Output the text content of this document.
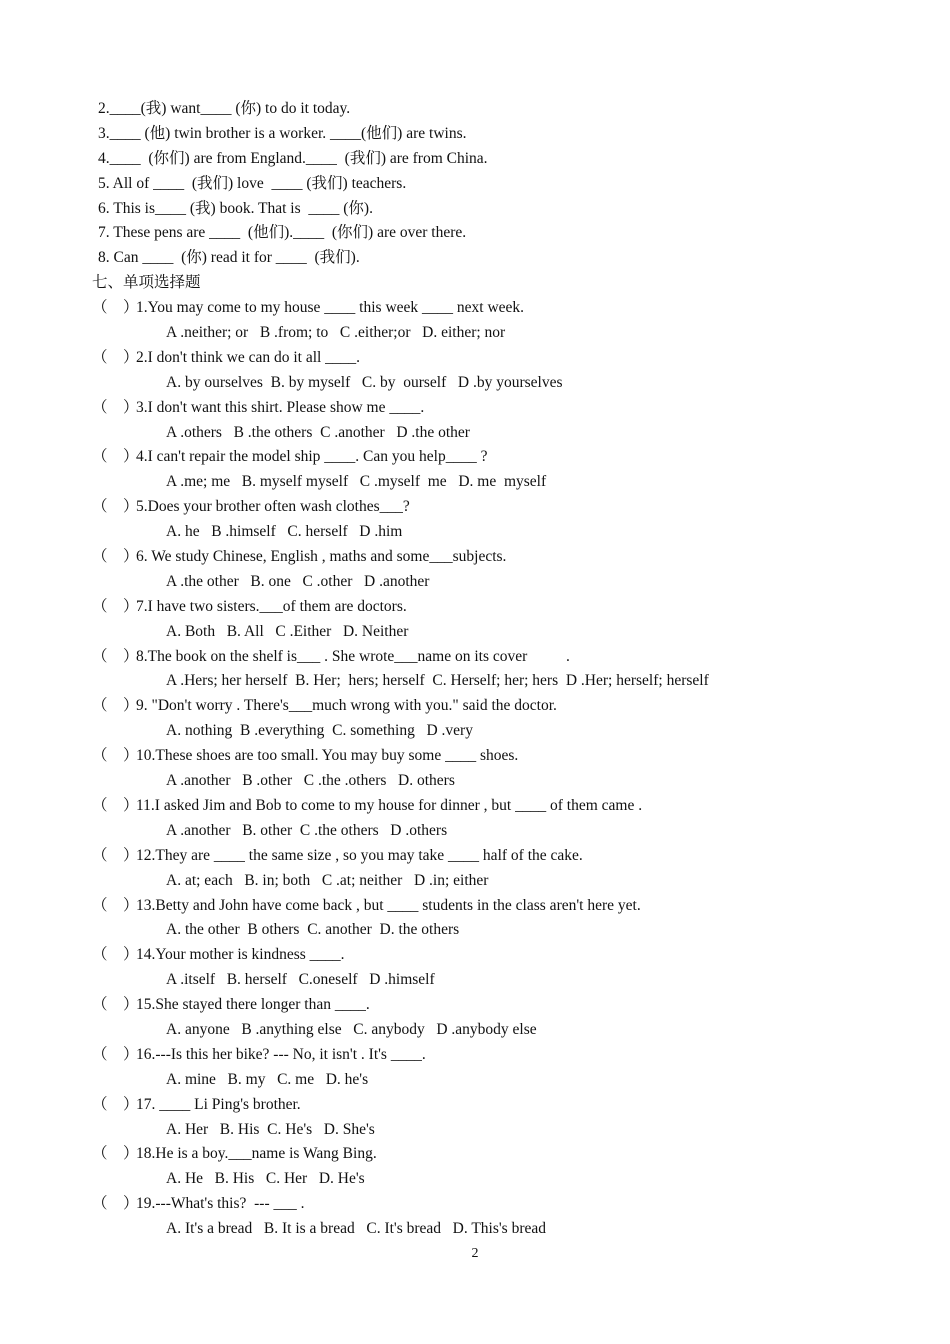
2.____(我) want____ (你) to do it today.
3.____ (他) twin brother is a worker. ____(他们) are twins.
4.____  (你们) are from England.____  (我们) are from China.
5. All of ____  (我们) love  ____ (我们) teachers.
6. This is____ (我) book. That is  ____ (你).
7. These pens are ____  (他们).____  (你们) are over there.
8. Can ____  (你) read it for ____  (我们).
七、单项选择题
（    ）1.You may come to my house ____ this week ____ next week.
A .neither; or   B .from; to   C .either;or   D. either; nor
（    ）2.I don't think we can do it all ____.
A. by ourselves  B. by myself   C. by  ourself   D .by yourselves
（    ）3.I don't want this shirt. Please show me ____.
A .others   B .the others  C .another   D .the other
（    ）4.I can't repair the model ship ____. Can you help____ ?
A .me; me   B. myself myself   C .myself  me   D. me  myself
（    ）5.Does your brother often wash clothes___?
A. he   B .himself   C. herself   D .him
（    ）6. We study Chinese, English , maths and some___subjects.
A .the other   B. one   C .other   D .another
（    ）7.I have two sisters.___of them are doctors.
A. Both   B. All   C .Either   D. Neither
（    ）8.The book on the shelf is___ . She wrote___name on its cover          .
A .Hers; her herself  B. Her;  hers; herself  C. Herself; her; hers  D .Her; herself; herself
（    ）9. "Don't worry . There's___much wrong with you." said the doctor.
A. nothing  B .everything  C. something   D .very
（    ）10.These shoes are too small. You may buy some ____ shoes.
A .another   B .other   C .the .others   D. others
（    ）11.I asked Jim and Bob to come to my house for dinner , but ____ of them came .
A .another   B. other  C .the others   D .others
（    ）12.They are ____ the same size , so you may take ____ half of the cake.
A. at; each   B. in; both   C .at; neither   D .in; either
（    ）13.Betty and John have come back , but ____ students in the class aren't here yet.
A. the other  B others  C. another  D. the others
（    ）14.Your mother is kindness ____.
A .itself   B. herself   C.oneself   D .himself
（    ）15.She stayed there longer than ____.
A. anyone   B .anything else   C. anybody   D .anybody else
（    ）16.---Is this her bike? --- No, it isn't . It's ____.
A. mine   B. my   C. me   D. he's
（    ）17. ____ Li Ping's brother.
A. Her   B. His  C. He's   D. She's
（    ）18.He is a boy.___name is Wang Bing.
A. He   B. His   C. Her   D. He's
（    ）19.---What's this?  --- ___ .
A. It's a bread   B. It is a bread   C. It's bread   D. This's bread
2
